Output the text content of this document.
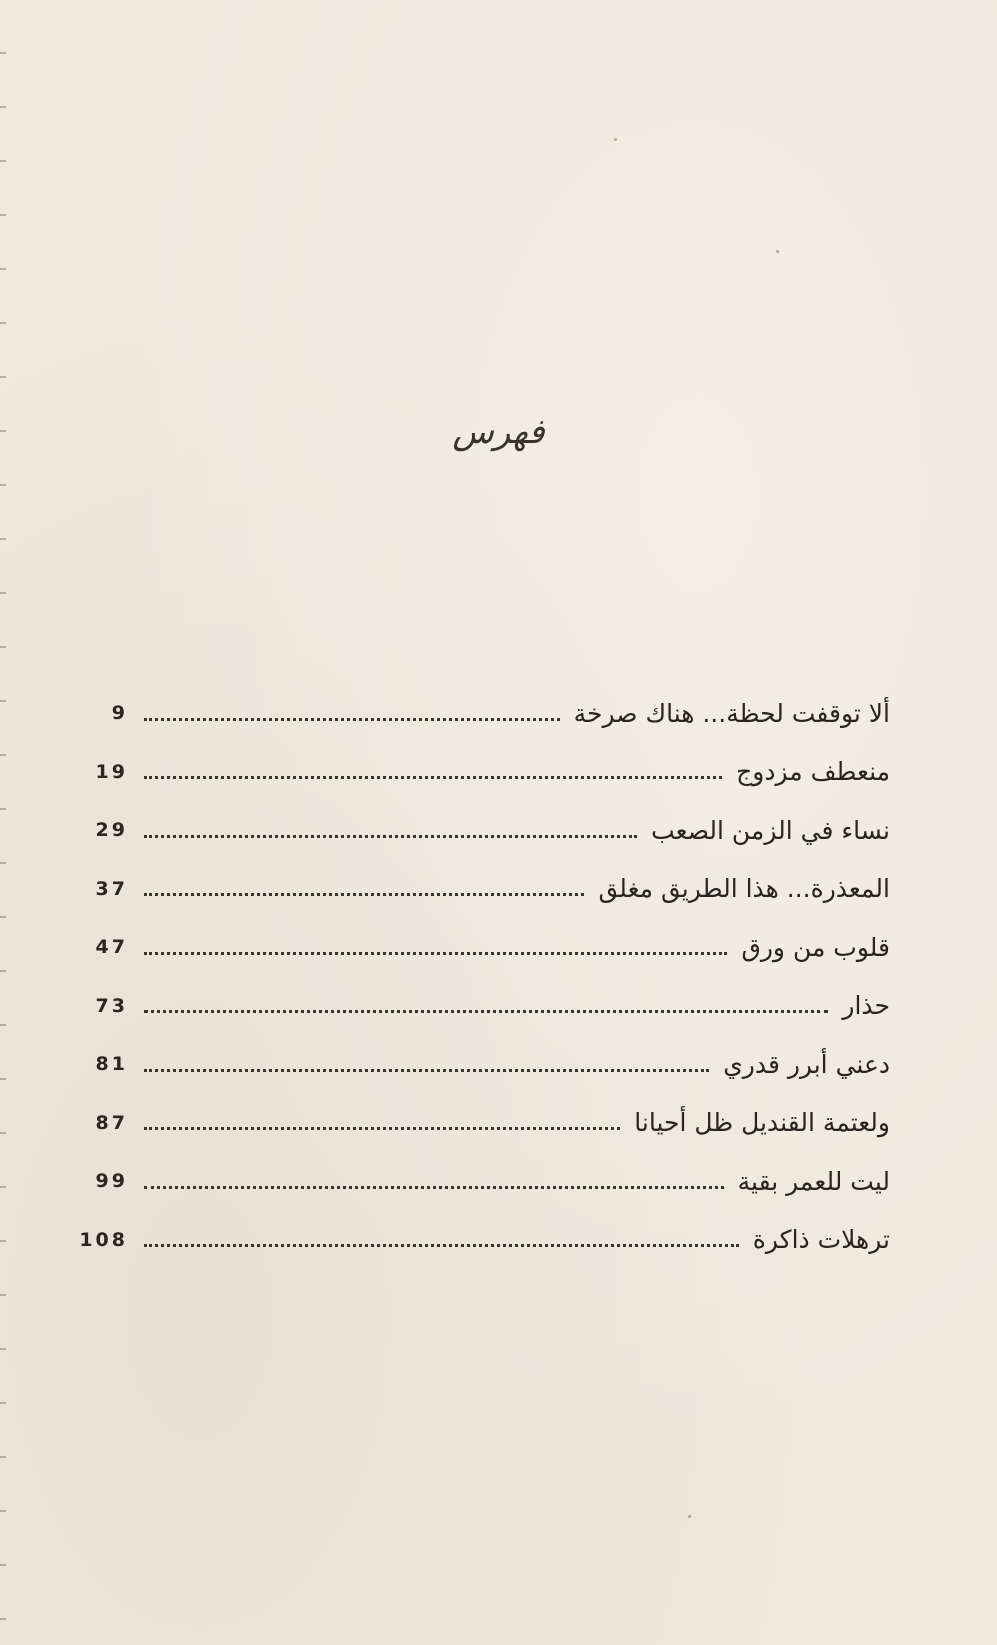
فهرس
9	ألا توقفت لحظة... هناك صرخة
19	منعطف مزدوج
29	نساء في الزمن الصعب
37	المعذرة... هذا الطريق مغلق
47	قلوب من ورق
73	حذار
81	دعني أبرر قدري
87	ولعتمة القنديل ظل أحيانا
99	ليت للعمر بقية
108	ترهلات ذاكرة
